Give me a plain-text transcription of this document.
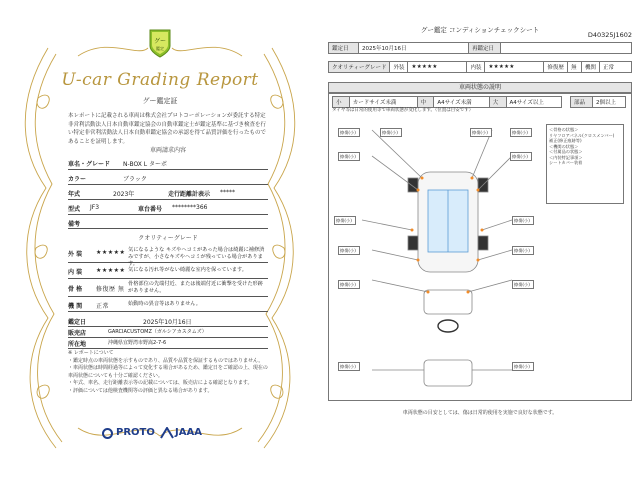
グー
鑑定
U-car Grading Report
グー鑑定証
本レポートに記載される車両は株式会社プロトコーポレーションが委託する特定非営利活動法人日本自動車鑑定協会の自動車鑑定士が鑑定基準に基づき検査を行い特定非営利活動法人日本自動車鑑定協会の承認を得て品質評価を行ったものであることを証明します。
車両請求内容
車名・グレード N-BOX L ターボ
カラー	ブラック
年式	2023年	走行距離計表示 *****
型式 JF3	車台番号 ********366
備考
クオリティーグレード
外 装 ★★★★★ 気になるような キズやヘコミがあった場合は綺麗に補修済みですが、小さなキズやヘコミが残っている場合があります。
内 装 ★★★★★ 気になる汚れ等がない綺麗な室内を保っています。
骨 格 修復歴 無
骨格部位の先端付近、または後端付近に衝撃を受けた形跡がありません。
機 関 正常	始動時の異音等はありません。
鑑定日	2025年10月16日
販売店	GARCIACUSTOMZ（ガルシアカスタムズ）
所在地	沖縄県宜野湾市野嵩2-7-6
※ レポートについて
・鑑定時点の車両状態を示すものであり、品質や品質を保証するものではありません。
・車両状態は時間経過等によって変化する場合があるため、鑑定日をご確認の上、現在の車両状態についても十分ご確認ください。
・年式、車名、走行距離表示等の記載については、販売店による確認となります。
・評価については他検査機関等の評価と異なる場合があります。
PROTO JAAA
グー鑑定 コンディションチェックシート
D40325J1602
鑑定日	2025年10月16日	再鑑定日	
クオリティーグレード	外装	★★★★★	内装	★★★★★	修復歴	無	機関	正常
車両状態の説明
小	カードサイズ未満	中	A4サイズ未満	大	A4サイズ以上	部品	2個以上
タイヤ等は日常的使用等で車両状態が変化します。（位置は目安です）
擦傷(小)	擦傷(小)	擦傷(小)	擦傷(小)
擦傷(小)	擦傷(小)
擦傷(小)	擦傷(小)
擦傷(小)	擦傷(小)
擦傷(小)	擦傷(小)
擦傷(小)	擦傷(小)
＜骨格の状態＞
リヤフロアパネル(クロスメンバー)
補正(修正痕跡等)
＜機関の状態＞
＜付属品の状態＞
＜内装特記事項＞
シートカバー装着
車両状態の目安としては、傷は日常的使用を実施で良好な状態です。
